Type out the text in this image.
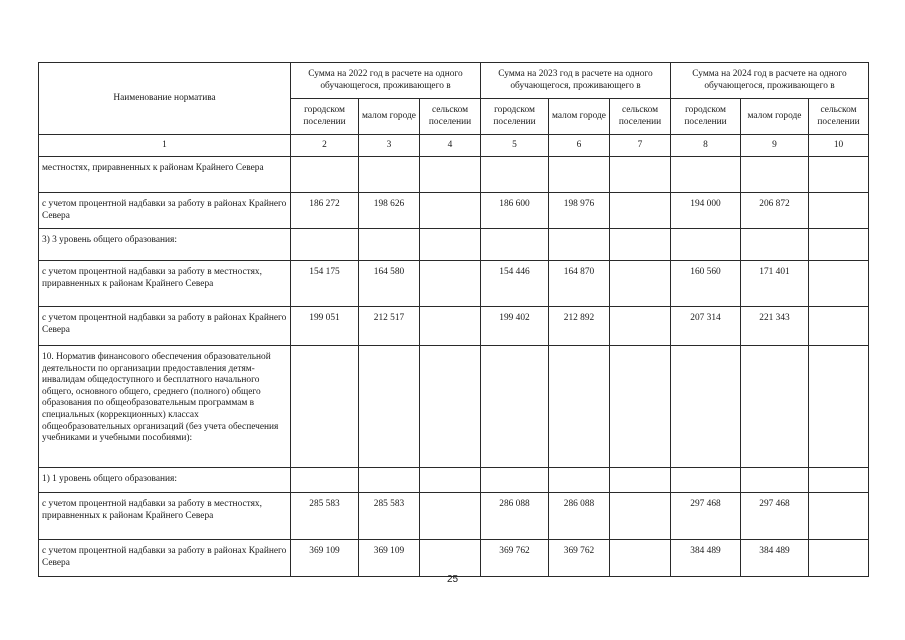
Наименование норматива	Сумма на 2022 год в расчете на одного обучающегося, проживающего в			Сумма на 2023 год в расчете на одного обучающегося, проживающего в			Сумма на 2024 год в расчете на одного обучающегося, проживающего в		
	городском поселении	малом городе	сельском поселении	городском поселении	малом городе	сельском поселении	городском поселении	малом городе	сельском поселении
1	2	3	4	5	6	7	8	9	10
местностях, приравненных к районам Крайнего Севера									
с учетом процентной надбавки за работу в районах Крайнего Севера	186 272	198 626		186 600	198 976		194 000	206 872	
3) 3 уровень общего образования:									
с учетом процентной надбавки за работу в местностях, приравненных к районам Крайнего Севера	154 175	164 580		154 446	164 870		160 560	171 401	
с учетом процентной надбавки за работу в районах Крайнего Севера	199 051	212 517		199 402	212 892		207 314	221 343	
10. Норматив финансового обеспечения образовательной деятельности по организации предоставления детям-инвалидам общедоступного и бесплатного начального общего, основного общего, среднего (полного) общего образования по общеобразовательным программам в специальных (коррекционных) классах общеобразовательных организаций (без учета обеспечения учебниками и учебными пособиями):									
1) 1 уровень общего образования:									
с учетом процентной надбавки за работу в местностях, приравненных к районам Крайнего Севера	285 583	285 583		286 088	286 088		297 468	297 468	
с учетом процентной надбавки за работу в районах Крайнего Севера	369 109	369 109		369 762	369 762		384 489	384 489	
25
